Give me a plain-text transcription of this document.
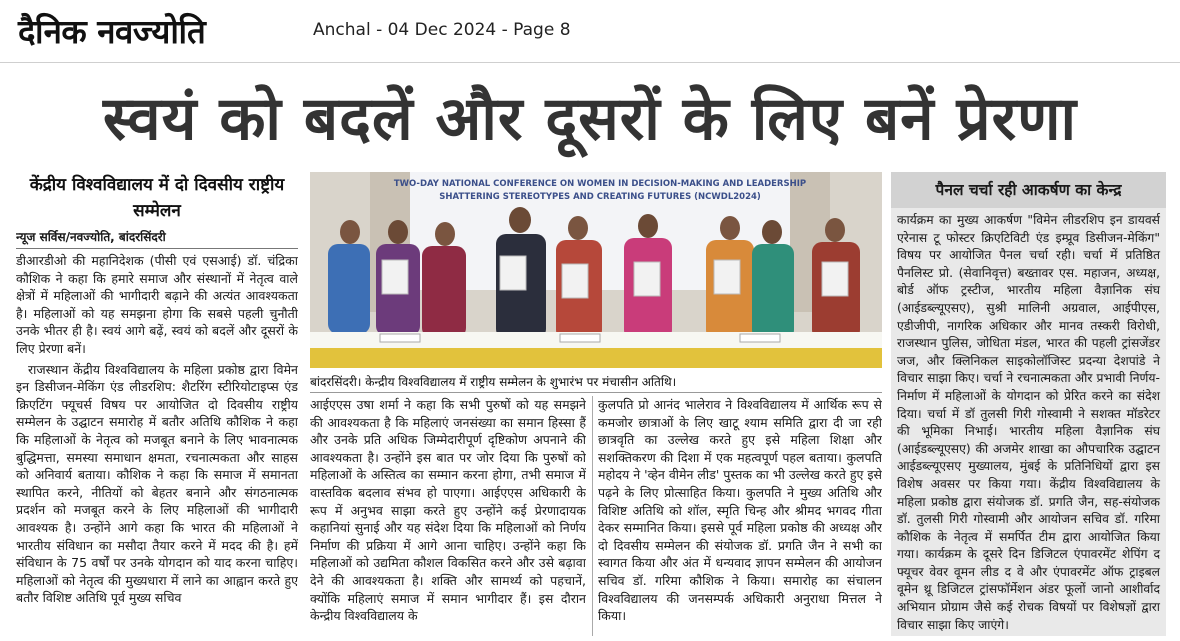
दैनिक नवज्योति	Anchal - 04 Dec 2024 - Page 8
स्वयं को बदलें और दूसरों के लिए बनें प्रेरणा
केंद्रीय विश्वविद्यालय में दो दिवसीय राष्ट्रीय सम्मेलन
न्यूज सर्विस/नवज्योति, बांदरसिंदरी

डीआरडीओ की महानिदेशक (पीसी एवं एसआई) डॉ. चंद्रिका कौशिक ने कहा कि हमारे समाज और संस्थानों में नेतृत्व वाले क्षेत्रों में महिलाओं की भागीदारी बढ़ाने की अत्यंत आवश्यकता है। महिलाओं को यह समझना होगा कि सबसे पहली चुनौती उनके भीतर ही है। स्वयं आगे बढ़ें, स्वयं को बदलें और दूसरों के लिए प्रेरणा बनें।

राजस्थान केंद्रीय विश्वविद्यालय के महिला प्रकोष्ठ द्वारा विमेन इन डिसीजन-मेकिंग एंड लीडरशिप: शैटरिंग स्टीरियोटाइप्स एंड क्रिएटिंग फ्यूचर्स विषय पर आयोजित दो दिवसीय राष्ट्रीय सम्मेलन के उद्घाटन समारोह में बतौर अतिथि कौशिक ने कहा कि महिलाओं के नेतृत्व को मजबूत बनाने के लिए भावनात्मक बुद्धिमत्ता, समस्या समाधान क्षमता, रचनात्मकता और साहस को अनिवार्य बताया। कौशिक ने कहा कि समाज में समानता स्थापित करने, नीतियों को बेहतर बनाने और संगठनात्मक प्रदर्शन को मजबूत करने के लिए महिलाओं की भागीदारी आवश्यक है। उन्होंने आगे कहा कि भारत की महिलाओं ने भारतीय संविधान का मसौदा तैयार करने में मदद की है। हमें संविधान के 75 वर्षों पर उनके योगदान को याद करना चाहिए। महिलाओं को नेतृत्व की मुख्यधारा में लाने का आह्वान करते हुए बतौर विशिष्ट अतिथि पूर्व मुख्य सचिव

TWO-DAY NATIONAL CONFERENCE ON WOMEN IN DECISION-MAKING AND LEADERSHIP
SHATTERING STEREOTYPES AND CREATING FUTURES (NCWDL2024)
बांदरसिंदरी। केन्द्रीय विश्वविद्यालय में राष्ट्रीय सम्मेलन के शुभारंभ पर मंचासीन अतिथि।

आईएएस उषा शर्मा ने कहा कि सभी पुरुषों को यह समझने की आवश्यकता है कि महिलाएं जनसंख्या का समान हिस्सा हैं और उनके प्रति अधिक जिम्मेदारीपूर्ण दृष्टिकोण अपनाने की आवश्यकता है। उन्होंने इस बात पर जोर दिया कि पुरुषों को महिलाओं के अस्तित्व का सम्मान करना होगा, तभी समाज में वास्तविक बदलाव संभव हो पाएगा। आईएएस अधिकारी के रूप में अनुभव साझा करते हुए उन्होंने कई प्रेरणादायक कहानियां सुनाई और यह संदेश दिया कि महिलाओं को निर्णय निर्माण की प्रक्रिया में आगे आना चाहिए। उन्होंने कहा कि महिलाओं को उद्यमिता कौशल विकसित करने और उसे बढ़ावा देने की आवश्यकता है। शक्ति और सामर्थ्य को पहचानें, क्योंकि महिलाएं समाज में समान भागीदार हैं। इस दौरान केन्द्रीय विश्वविद्यालय के

कुलपति प्रो आनंद भालेराव ने विश्वविद्यालय में आर्थिक रूप से कमजोर छात्राओं के लिए खाटू श्याम समिति द्वारा दी जा रही छात्रवृति का उल्लेख करते हुए इसे महिला शिक्षा और सशक्तिकरण की दिशा में एक महत्वपूर्ण पहल बताया। कुलपति महोदय ने 'व्हेन वीमेन लीड' पुस्तक का भी उल्लेख करते हुए इसे पढ़ने के लिए प्रोत्साहित किया। कुलपति ने मुख्य अतिथि और विशिष्ट अतिथि को शॉल, स्मृति चिन्ह और श्रीमद भगवद गीता देकर सम्मानित किया। इससे पूर्व महिला प्रकोष्ठ की अध्यक्ष और दो दिवसीय सम्मेलन की संयोजक डॉ. प्रगति जैन ने सभी का स्वागत किया और अंत में धन्यवाद ज्ञापन सम्मेलन की आयोजन सचिव डॉ. गरिमा कौशिक ने किया। समारोह का संचालन विश्वविद्यालय की जनसम्पर्क अधिकारी अनुराधा मित्तल ने किया।

पैनल चर्चा रही आकर्षण का केन्द्र

कार्यक्रम का मुख्य आकर्षण "विमेन लीडरशिप इन डायवर्स एरेनास टू फोस्टर क्रिएटिविटी एंड इम्प्रूव डिसीजन-मेकिंग" विषय पर आयोजित पैनल चर्चा रही। चर्चा में प्रतिष्ठित पैनलिस्ट प्रो. (सेवानिवृत्त) बख्तावर एस. महाजन, अध्यक्ष, बोर्ड ऑफ ट्रस्टीज, भारतीय महिला वैज्ञानिक संघ (आईडब्ल्यूएसए), सुश्री मालिनी अग्रवाल, आईपीएस, एडीजीपी, नागरिक अधिकार और मानव तस्करी विरोधी, राजस्थान पुलिस, जोधिता मंडल, भारत की पहली ट्रांसजेंडर जज, और क्लिनिकल साइकोलॉजिस्ट प्रदन्या देशपांडे ने विचार साझा किए। चर्चा ने रचनात्मकता और प्रभावी निर्णय-निर्माण में महिलाओं के योगदान को प्रेरित करने का संदेश दिया। चर्चा में डॉ तुलसी गिरी गोस्वामी ने सशक्त मॉडरेटर की भूमिका निभाई। भारतीय महिला वैज्ञानिक संघ (आईडब्ल्यूएसए) की अजमेर शाखा का औपचारिक उद्घाटन आईडब्ल्यूएसए मुख्यालय, मुंबई के प्रतिनिधियों द्वारा इस विशेष अवसर पर किया गया। केंद्रीय विश्वविद्यालय के महिला प्रकोष्ठ द्वारा संयोजक डॉ. प्रगति जैन, सह-संयोजक डॉ. तुलसी गिरी गोस्वामी और आयोजन सचिव डॉ. गरिमा कौशिक के नेतृत्व में समर्पित टीम द्वारा आयोजित किया गया। कार्यक्रम के दूसरे दिन डिजिटल एंपावरमेंट शेपिंग द फ्यूचर वेवर वूमन लीड द वे और एंपावरमेंट ऑफ ट्राइबल वूमेन थ्रू डिजिटल ट्रांसफॉर्मेशन अंडर फूलों जानो आशीर्वाद अभियान प्रोग्राम जैसे कई रोचक विषयों पर विशेषज्ञों द्वारा विचार साझा किए जाएंगे।
